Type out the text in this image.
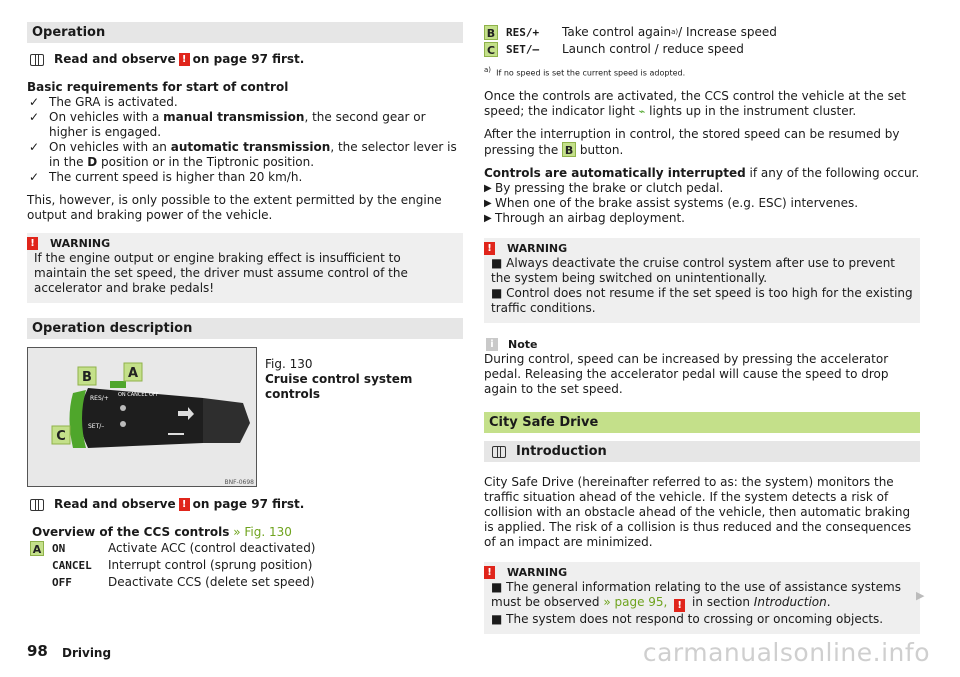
Operation
Read and observe ! on page 97 first.

Basic requirements for start of control

✓ The GRA is activated.
✓ On vehicles with a manual transmission, the second gear or higher is engaged.
✓ On vehicles with an automatic transmission, the selector lever is in the D position or in the Tiptronic position.
✓ The current speed is higher than 20 km/h.

This, however, is only possible to the extent permitted by the engine output and braking power of the vehicle.

! WARNING
If the engine output or engine braking effect is insufficient to maintain the set speed, the driver must assume control of the accelerator and brake pedals!
Operation description
RES/+
SET/–
ON CANCEL OFF
B	A
C
BNF-0698
Fig. 130
Cruise control system controls
Read and observe ! on page 97 first.
Overview of the CCS controls » Fig. 130
A ON	Activate ACC (control deactivated)
CANCEL	Interrupt control (sprung position)
OFF	Deactivate CCS (delete set speed)
B RES/+	Take control again a) / Increase speed
C SET/–	Launch control / reduce speed
$^{a)}$ If no speed is set the current speed is adopted.

Once the controls are activated, the CCS control the vehicle at the set speed; the indicator light ⌁ lights up in the instrument cluster.

After the interruption in control, the stored speed can be resumed by pressing the B button.

Controls are automatically interrupted if any of the following occur.

▶ By pressing the brake or clutch pedal.
▶ When one of the brake assist systems (e.g. ESC) intervenes.
▶ Through an airbag deployment.
! WARNING
■ Always deactivate the cruise control system after use to prevent the system being switched on unintentionally.
■ Control does not resume if the set speed is too high for the existing traffic conditions.
i	Note
During control, speed can be increased by pressing the accelerator pedal. Releasing the accelerator pedal will cause the speed to drop again to the set speed.
City Safe Drive
Introduction

City Safe Drive (hereinafter referred to as: the system) monitors the traffic situation ahead of the vehicle. If the system detects a risk of collision with an obstacle ahead of the vehicle, then automatic braking is applied. The risk of a collision is thus reduced and the consequences of an impact are minimized.

! WARNING
■ The general information relating to the use of assistance systems must be observed » page 95, ! in section Introduction.
■ The system does not respond to crossing or oncoming objects.
▶
98 Driving	carmanualsonline.info
